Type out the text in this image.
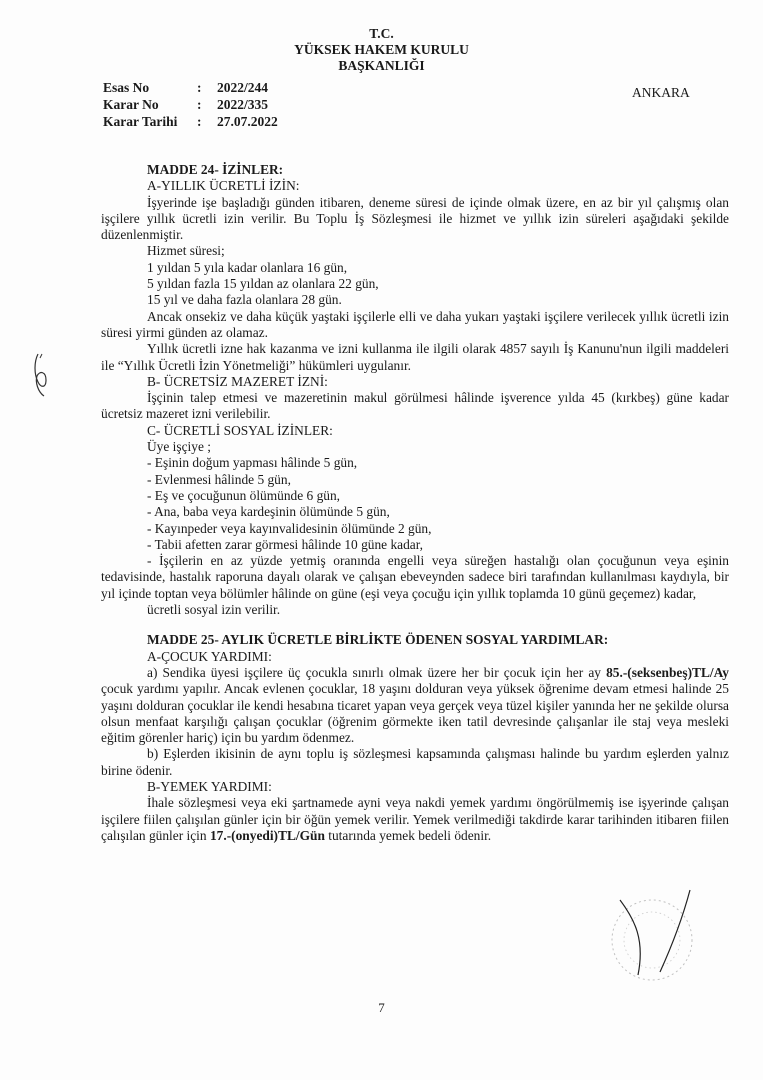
T.C.
YÜKSEK HAKEM KURULU
BAŞKANLIĞI
Esas No	:	2022/244
Karar No	:	2022/335
Karar Tarihi	:	27.07.2022
ANKARA
MADDE 24- İZİNLER:
A-YILLIK ÜCRETLİ İZİN:
İşyerinde işe başladığı günden itibaren, deneme süresi de içinde olmak üzere, en az bir yıl çalışmış olan işçilere yıllık ücretli izin verilir. Bu Toplu İş Sözleşmesi ile hizmet ve yıllık izin süreleri aşağıdaki şekilde düzenlenmiştir.
Hizmet süresi;
1 yıldan 5 yıla kadar olanlara 16 gün,
5 yıldan fazla 15 yıldan az olanlara 22 gün,
15 yıl ve daha fazla olanlara 28 gün.
Ancak onsekiz ve daha küçük yaştaki işçilerle elli ve daha yukarı yaştaki işçilere verilecek yıllık ücretli izin süresi yirmi günden az olamaz.
Yıllık ücretli izne hak kazanma ve izni kullanma ile ilgili olarak 4857 sayılı İş Kanunu'nun ilgili maddeleri ile “Yıllık Ücretli İzin Yönetmeliği” hükümleri uygulanır.
B- ÜCRETSİZ MAZERET İZNİ:
İşçinin talep etmesi ve mazeretinin makul görülmesi hâlinde işverence yılda 45 (kırkbeş) güne kadar ücretsiz mazeret izni verilebilir.
C- ÜCRETLİ SOSYAL İZİNLER:
Üye işçiye ;
- Eşinin doğum yapması hâlinde 5 gün,
- Evlenmesi hâlinde 5 gün,
- Eş ve çocuğunun ölümünde 6 gün,
- Ana, baba veya kardeşinin ölümünde 5 gün,
- Kayınpeder veya kayınvalidesinin ölümünde 2 gün,
- Tabii afetten zarar görmesi hâlinde 10 güne kadar,
- İşçilerin en az yüzde yetmiş oranında engelli veya süreğen hastalığı olan çocuğunun veya eşinin tedavisinde, hastalık raporuna dayalı olarak ve çalışan ebeveynden sadece biri tarafından kullanılması kaydıyla, bir yıl içinde toptan veya bölümler hâlinde on güne (eşi veya çocuğu için yıllık toplamda 10 günü geçemez) kadar,
ücretli sosyal izin verilir.
MADDE 25- AYLIK ÜCRETLE BİRLİKTE ÖDENEN SOSYAL YARDIMLAR:
A-ÇOCUK YARDIMI:
a) Sendika üyesi işçilere üç çocukla sınırlı olmak üzere her bir çocuk için her ay 85.-(seksenbeş)TL/Ay çocuk yardımı yapılır. Ancak evlenen çocuklar, 18 yaşını dolduran veya yüksek öğrenime devam etmesi halinde 25 yaşını dolduran çocuklar ile kendi hesabına ticaret yapan veya gerçek veya tüzel kişiler yanında her ne şekilde olursa olsun menfaat karşılığı çalışan çocuklar (öğrenim görmekte iken tatil devresinde çalışanlar ile staj veya mesleki eğitim görenler hariç) için bu yardım ödenmez.
b) Eşlerden ikisinin de aynı toplu iş sözleşmesi kapsamında çalışması halinde bu yardım eşlerden yalnız birine ödenir.
B-YEMEK YARDIMI:
İhale sözleşmesi veya eki şartnamede ayni veya nakdi yemek yardımı öngörülmemiş ise işyerinde çalışan işçilere fiilen çalışılan günler için bir öğün yemek verilir. Yemek verilmediği takdirde karar tarihinden itibaren fiilen çalışılan günler için 17.-(onyedi)TL/Gün tutarında yemek bedeli ödenir.
7
